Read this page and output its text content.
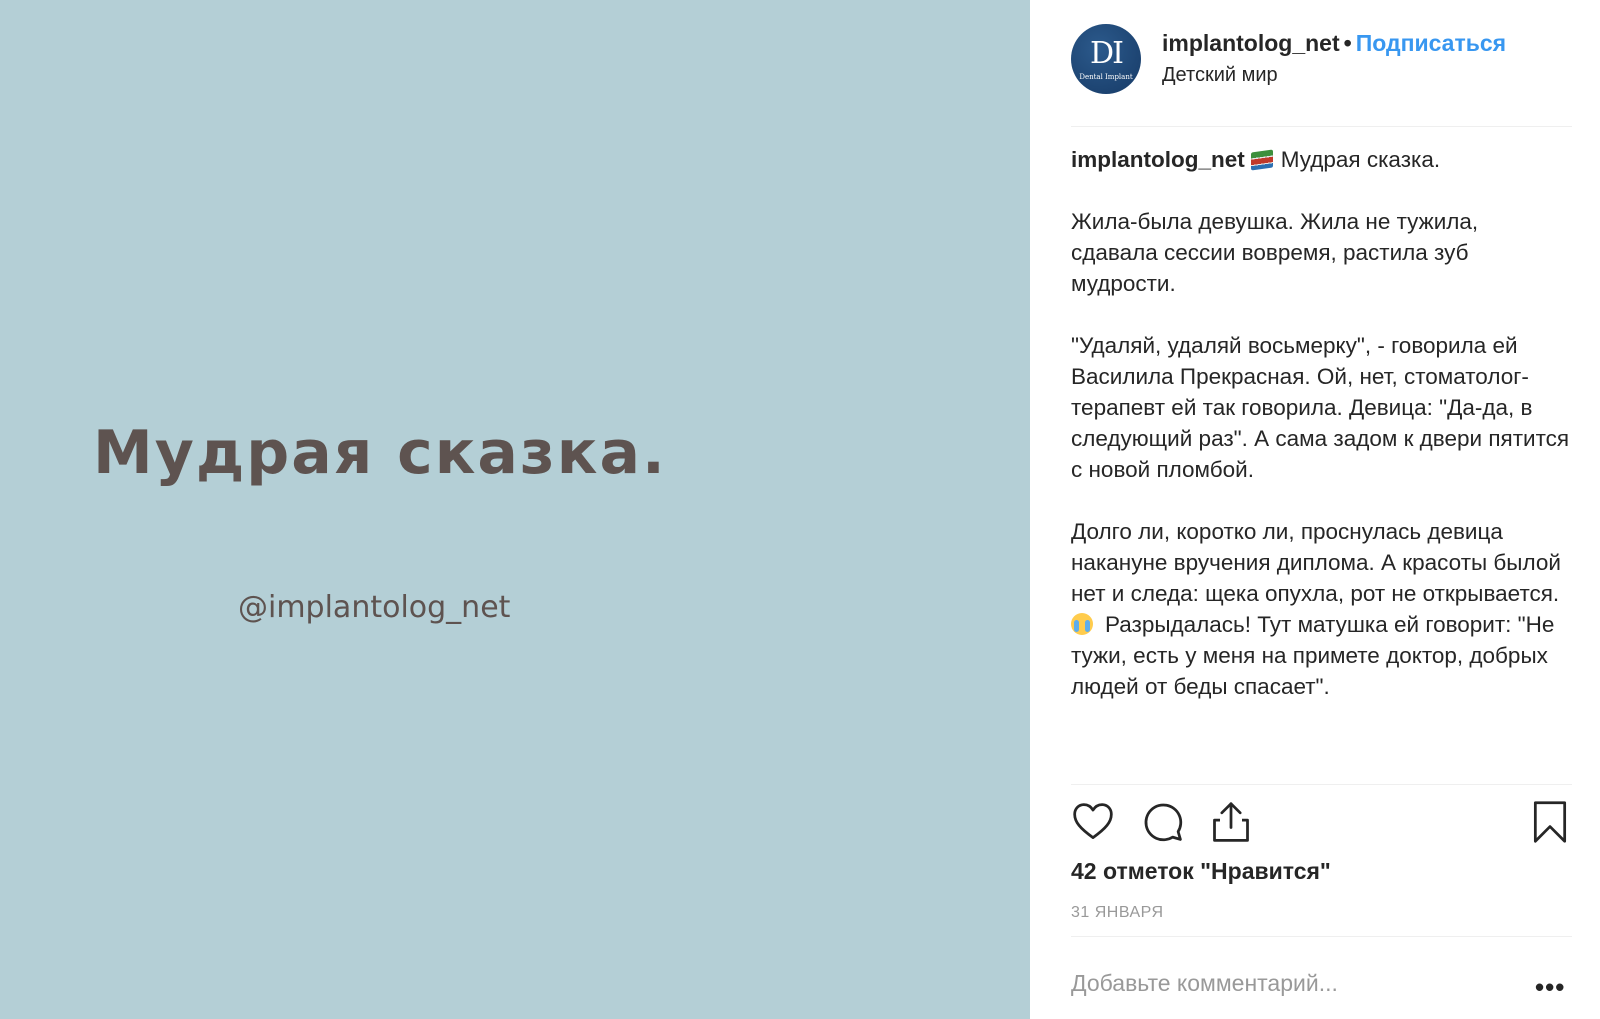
Мудрая сказка.
@implantolog_net
DI
Dental Implant
implantolog_net • Подписаться
Детский мир

implantolog_net Мудрая сказка.

Жила-была девушка. Жила не тужила, сдавала сессии вовремя, растила зуб мудрости.

"Удаляй, удаляй восьмерку", - говорила ей Василила Прекрасная. Ой, нет, стоматолог-терапевт ей так говорила. Девица: "Да-да, в следующий раз". А сама задом к двери пятится с новой пломбой.

Долго ли, коротко ли, проснулась девица накануне вручения диплома. А красоты былой нет и следа: щека опухла, рот не открывается.Разрыдалась! Тут матушка ей говорит: "Не тужи, есть у меня на примете доктор, добрых людей от беды спасает".

42 отметок "Нравится"
31 ЯНВАРЯ
Добавьте комментарий...
•••
